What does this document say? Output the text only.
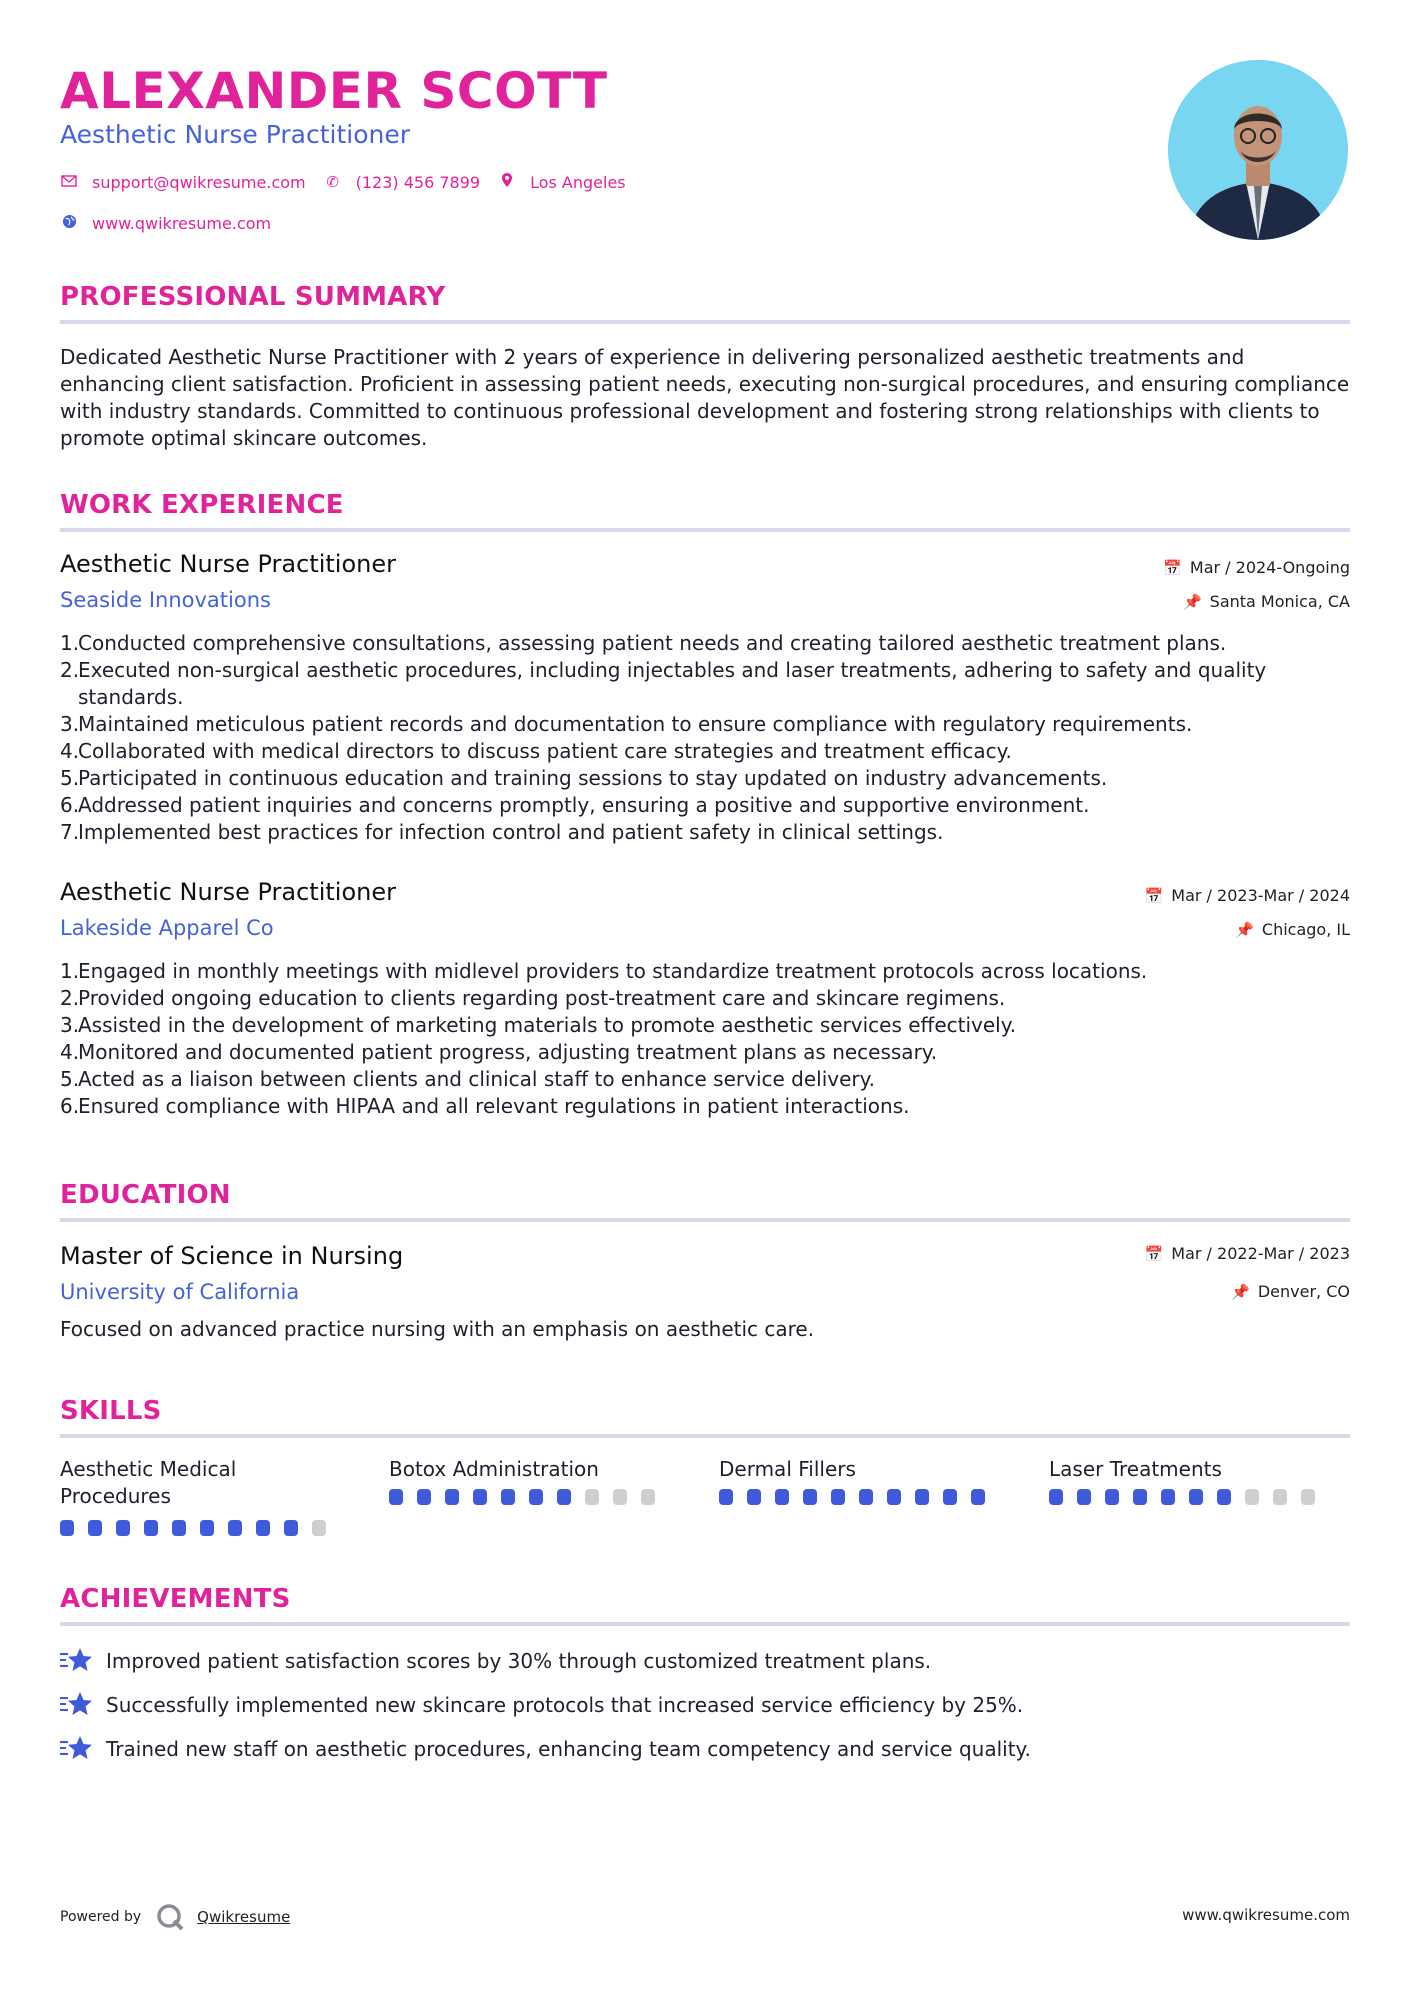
ALEXANDER SCOTT
Aesthetic Nurse Practitioner
support@qwikresume.com ✆ (123) 456 7899	Los Angeles
www.qwikresume.com
PROFESSIONAL SUMMARY
Dedicated Aesthetic Nurse Practitioner with 2 years of experience in delivering personalized aesthetic treatments and enhancing client satisfaction. Proficient in assessing patient needs, executing non-surgical procedures, and ensuring compliance with industry standards. Committed to continuous professional development and fostering strong relationships with clients to promote optimal skincare outcomes.
WORK EXPERIENCE
Aesthetic Nurse Practitioner	📅 Mar / 2024-Ongoing
Seaside Innovations	📌 Santa Monica, CA
Conducted comprehensive consultations, assessing patient needs and creating tailored aesthetic treatment plans.
Executed non-surgical aesthetic procedures, including injectables and laser treatments, adhering to safety and quality standards.
Maintained meticulous patient records and documentation to ensure compliance with regulatory requirements.
Collaborated with medical directors to discuss patient care strategies and treatment efficacy.
Participated in continuous education and training sessions to stay updated on industry advancements.
Addressed patient inquiries and concerns promptly, ensuring a positive and supportive environment.
Implemented best practices for infection control and patient safety in clinical settings.
Aesthetic Nurse Practitioner	📅 Mar / 2023-Mar / 2024
Lakeside Apparel Co	📌 Chicago, IL
Engaged in monthly meetings with midlevel providers to standardize treatment protocols across locations.
Provided ongoing education to clients regarding post-treatment care and skincare regimens.
Assisted in the development of marketing materials to promote aesthetic services effectively.
Monitored and documented patient progress, adjusting treatment plans as necessary.
Acted as a liaison between clients and clinical staff to enhance service delivery.
Ensured compliance with HIPAA and all relevant regulations in patient interactions.
EDUCATION
Master of Science in Nursing	📅 Mar / 2022-Mar / 2023
University of California	📌 Denver, CO
Focused on advanced practice nursing with an emphasis on aesthetic care.
SKILLS
Aesthetic Medical Procedures
Botox Administration	Dermal Fillers	Laser Treatments
ACHIEVEMENTS
Improved patient satisfaction scores by 30% through customized treatment plans.
Successfully implemented new skincare protocols that increased service efficiency by 25%.
Trained new staff on aesthetic procedures, enhancing team competency and service quality.
Powered by	Qwikresume	www.qwikresume.com
